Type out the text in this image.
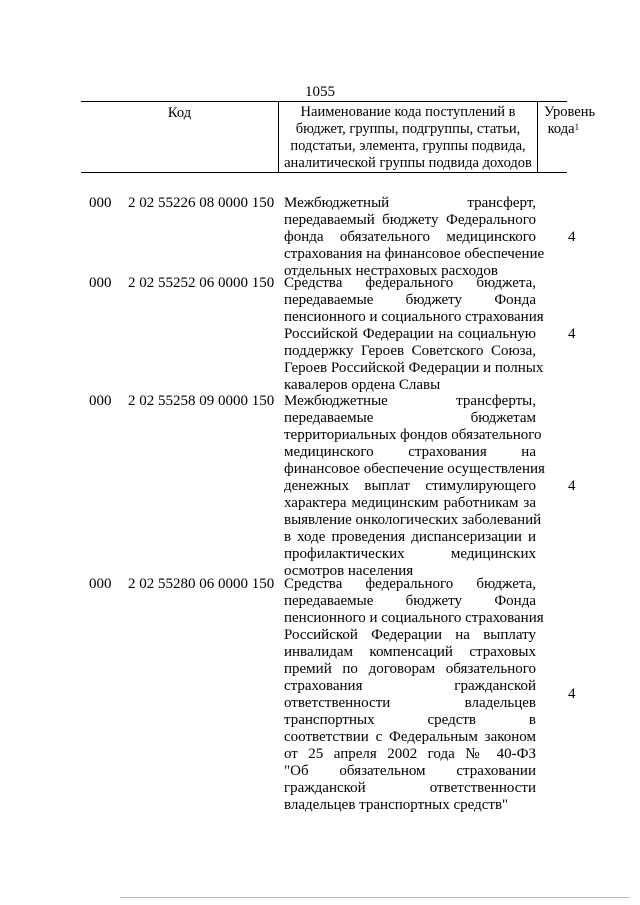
1055
Код	Наименование кода поступлений в
бюджет, группы, подгруппы, статьи,
подстатьи, элемента, группы подвида,
аналитической группы подвида доходов
Уровень
кода$^1$
000 2 02 55226 08 0000 150 Межбюджетный трансферт,
передаваемый бюджету Федерального
фонда обязательного медицинского
страхования на финансовое обеспечение
отдельных нестраховых расходов
4
000 2 02 55252 06 0000 150 Средства федерального бюджета,
передаваемые бюджету Фонда
пенсионного и социального страхования
Российской Федерации на социальную
поддержку Героев Советского Союза,
Героев Российской Федерации и полных
кавалеров ордена Славы
4
000 2 02 55258 09 0000 150 Межбюджетные трансферты,
передаваемые бюджетам
территориальных фондов обязательного
медицинского страхования на
финансовое обеспечение осуществления
денежных выплат стимулирующего
характера медицинским работникам за
выявление онкологических заболеваний
в ходе проведения диспансеризации и
профилактических медицинских
осмотров населения
4
000 2 02 55280 06 0000 150 Средства федерального бюджета,
передаваемые бюджету Фонда
пенсионного и социального страхования
Российской Федерации на выплату
инвалидам компенсаций страховых
премий по договорам обязательного
страхования гражданской
ответственности владельцев
транспортных средств в
соответствии с Федеральным законом
от 25 апреля 2002 года № 40-ФЗ
"Об обязательном страховании
гражданской ответственности
владельцев транспортных средств"
4
